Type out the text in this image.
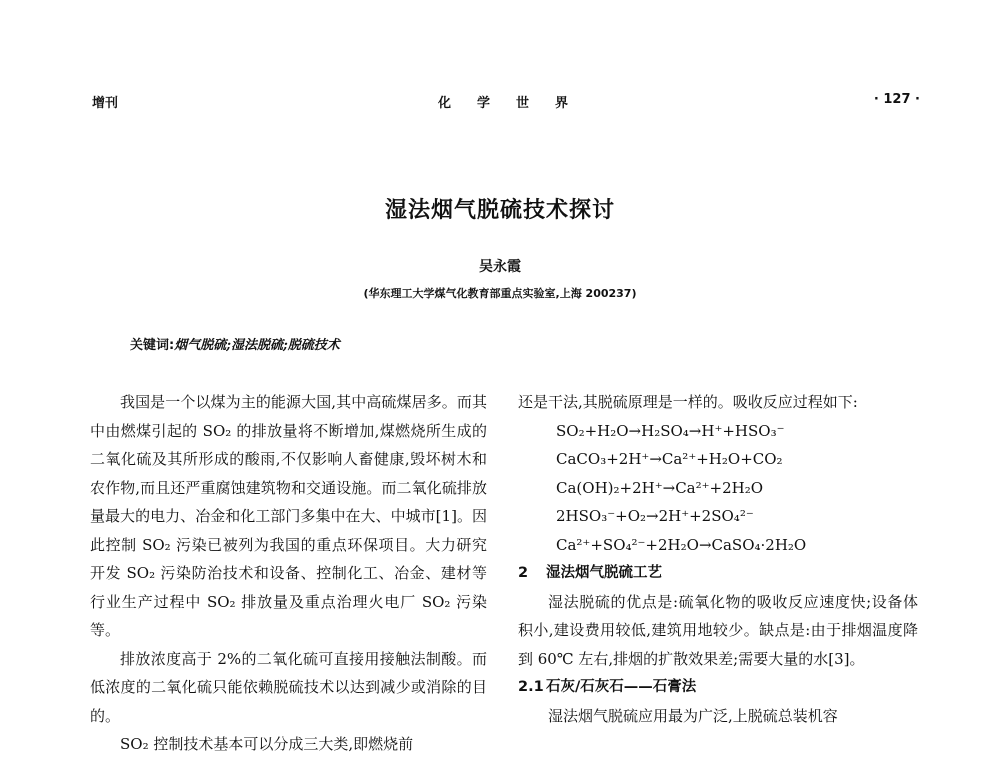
增刊	化学世界	· 127 ·
湿法烟气脱硫技术探讨
吴永霞
(华东理工大学煤气化教育部重点实验室,上海 200237)
关键词:烟气脱硫;湿法脱硫;脱硫技术

我国是一个以煤为主的能源大国,其中高硫煤居多。而其中由燃煤引起的 SO₂ 的排放量将不断增加,煤燃烧所生成的二氧化硫及其所形成的酸雨,不仅影响人畜健康,毁坏树木和农作物,而且还严重腐蚀建筑物和交通设施。而二氧化硫排放量最大的电力、冶金和化工部门多集中在大、中城市[1]。因此控制 SO₂ 污染已被列为我国的重点环保项目。大力研究开发 SO₂ 污染防治技术和设备、控制化工、冶金、建材等行业生产过程中 SO₂ 排放量及重点治理火电厂 SO₂ 污染等。

排放浓度高于 2%的二氧化硫可直接用接触法制酸。而低浓度的二氧化硫只能依赖脱硫技术以达到减少或消除的目的。

SO₂ 控制技术基本可以分成三大类,即燃烧前

还是干法,其脱硫原理是一样的。吸收反应过程如下:

SO₂+H₂O→H₂SO₄→H⁺+HSO₃⁻
CaCO₃+2H⁺→Ca²⁺+H₂O+CO₂
Ca(OH)₂+2H⁺→Ca²⁺+2H₂O
2HSO₃⁻+O₂→2H⁺+2SO₄²⁻
Ca²⁺+SO₄²⁻+2H₂O→CaSO₄·2H₂O
2 湿法烟气脱硫工艺

湿法脱硫的优点是:硫氧化物的吸收反应速度快;设备体积小,建设费用较低,建筑用地较少。缺点是:由于排烟温度降到 60℃ 左右,排烟的扩散效果差;需要大量的水[3]。

2.1 石灰/石灰石——石膏法

湿法烟气脱硫应用最为广泛,上脱硫总装机容
